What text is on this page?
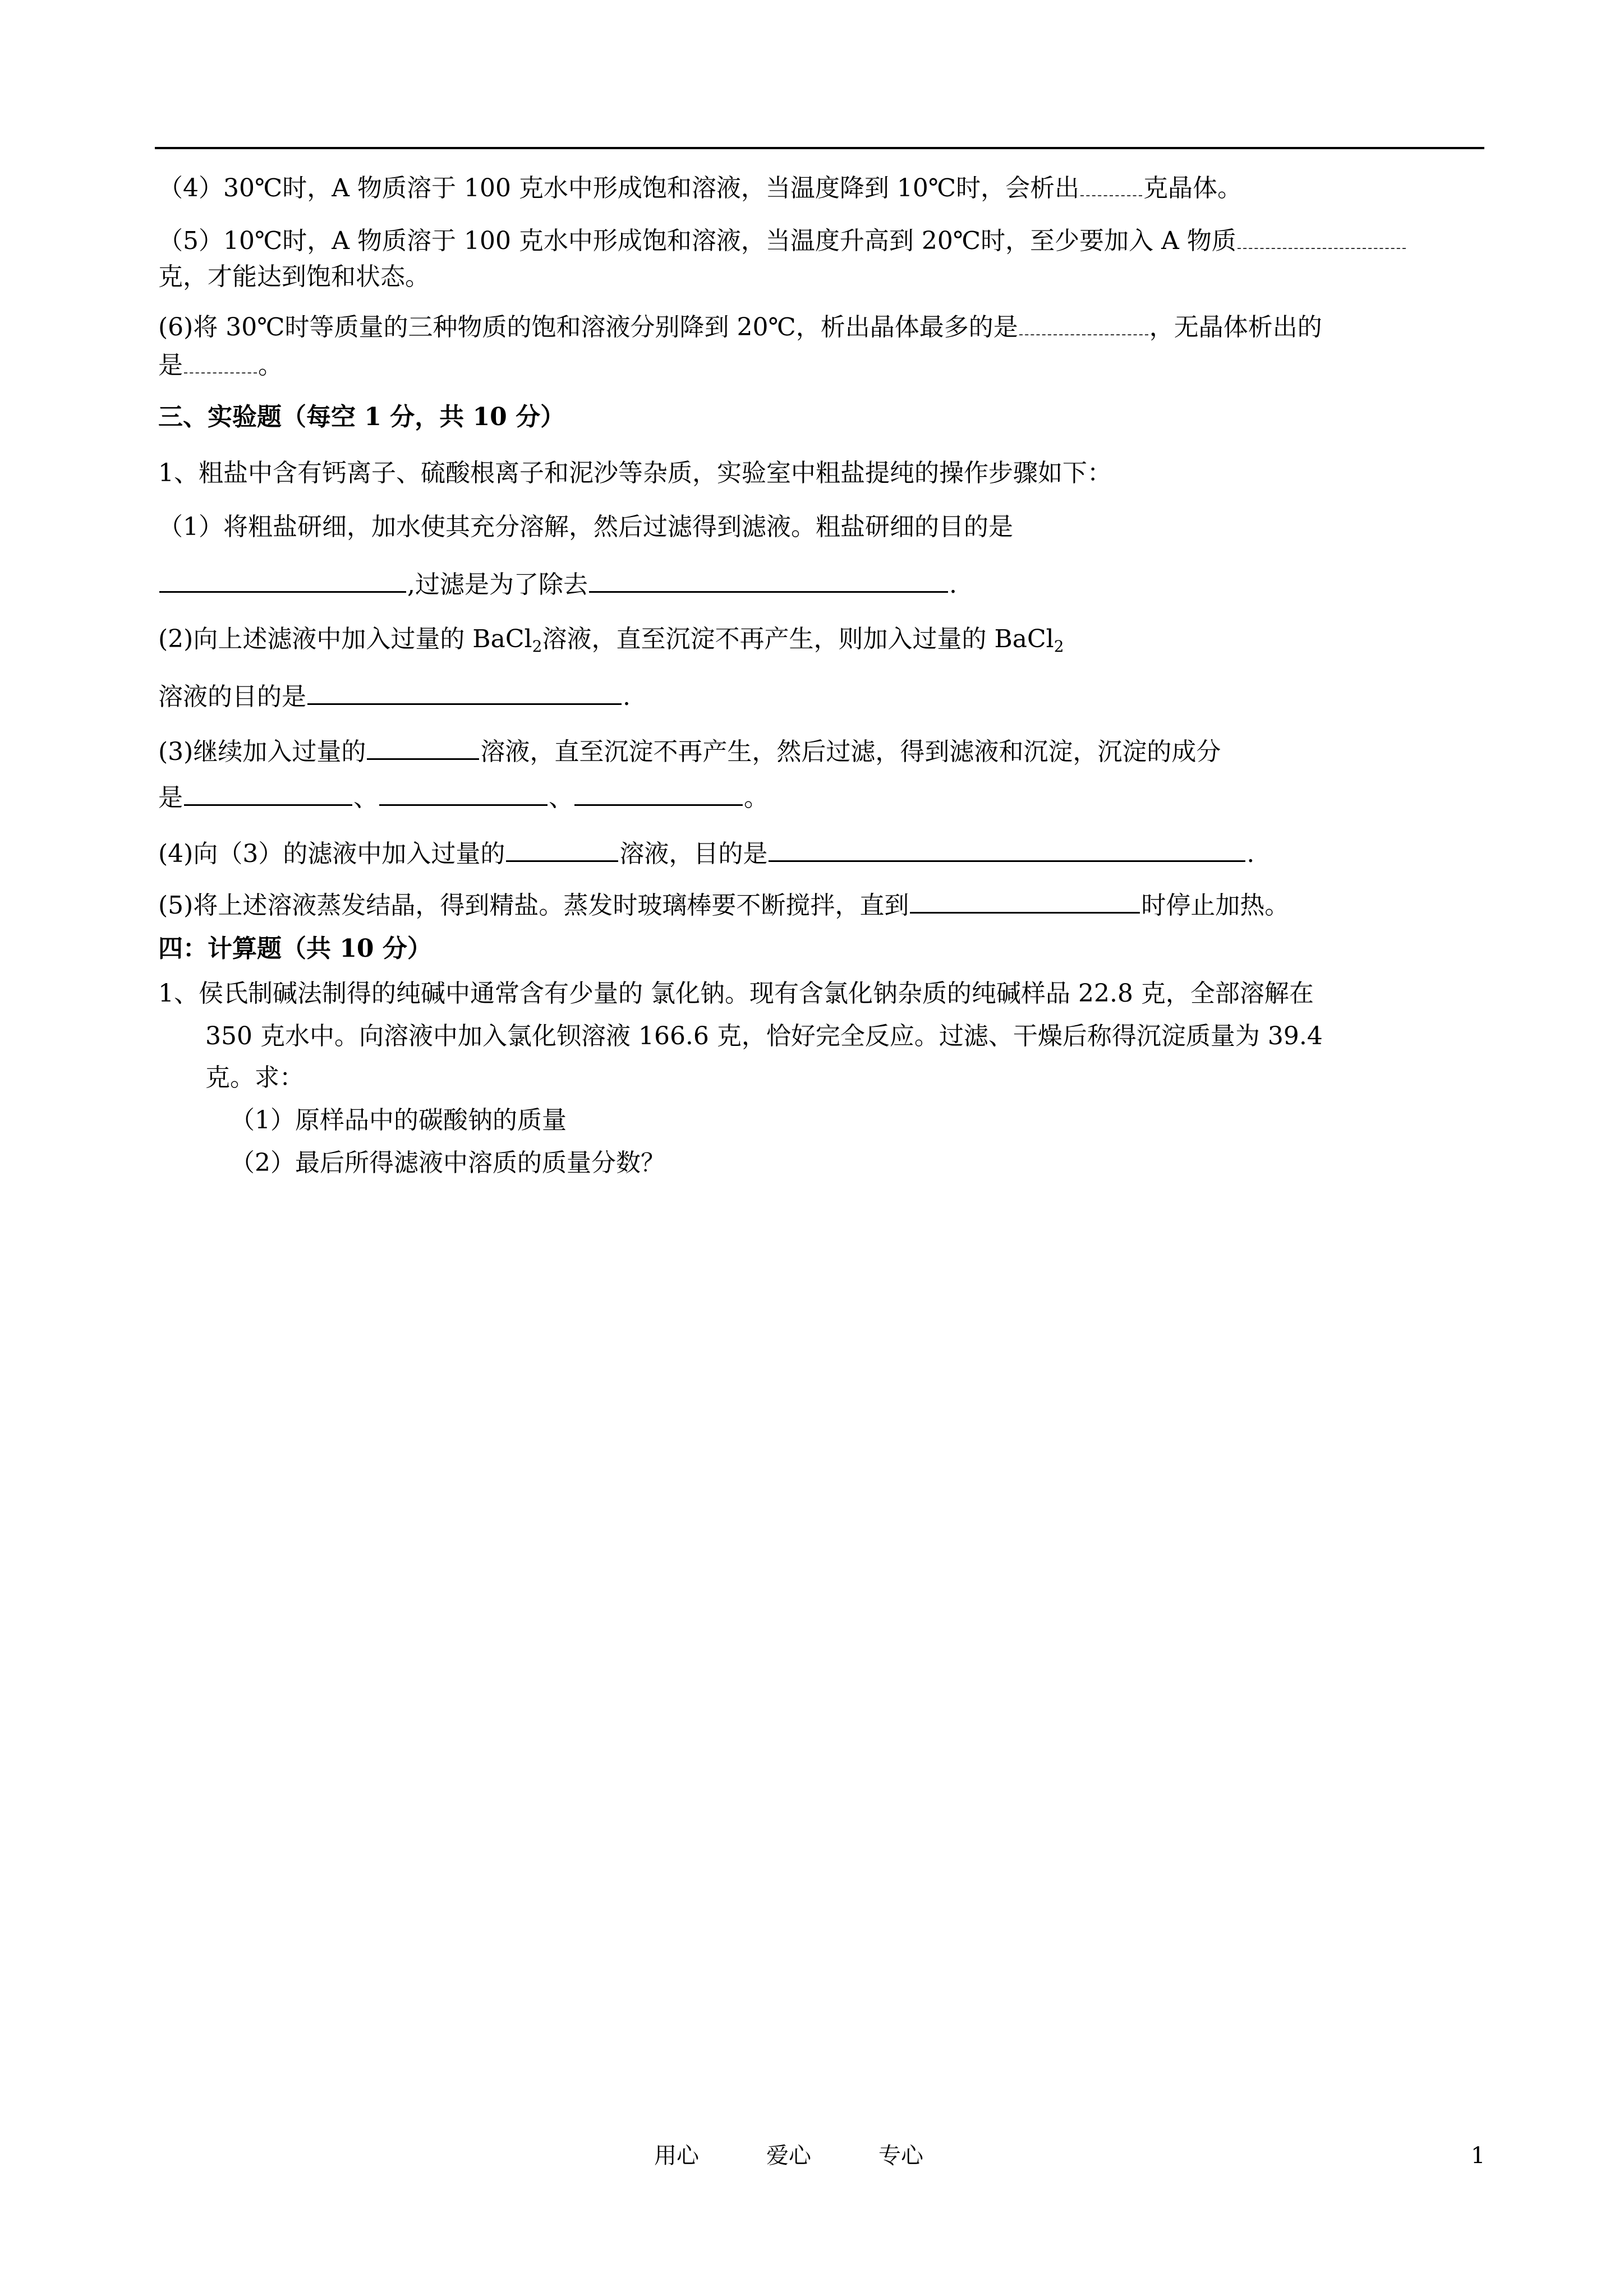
（4）30℃时，A 物质溶于 100 克水中形成饱和溶液，当温度降到 10℃时，会析出	克晶体。
（5）10℃时，A 物质溶于 100 克水中形成饱和溶液，当温度升高到 20℃时，至少要加入 A 物质
克，才能达到饱和状态。
(6)将 30℃时等质量的三种物质的饱和溶液分别降到 20℃，析出晶体最多的是	，无晶体析出的
是	。
三、实验题（每空 1 分，共 10 分）
1、粗盐中含有钙离子、硫酸根离子和泥沙等杂质，实验室中粗盐提纯的操作步骤如下：
（1）将粗盐研细，加水使其充分溶解，然后过滤得到滤液。粗盐研细的目的是
,过滤是为了除去	.
(2)向上述滤液中加入过量的 BaCl$_2$溶液，直至沉淀不再产生，则加入过量的 BaCl$_2$
溶液的目的是	.
(3)继续加入过量的	溶液，直至沉淀不再产生，然后过滤，得到滤液和沉淀，沉淀的成分
是	、	、	。
(4)向（3）的滤液中加入过量的	溶液，目的是	.
(5)将上述溶液蒸发结晶，得到精盐。蒸发时玻璃棒要不断搅拌，直到	时停止加热。
四：计算题（共 10 分）
1、侯氏制碱法制得的纯碱中通常含有少量的 氯化钠。现有含氯化钠杂质的纯碱样品 22.8 克，全部溶解在
350 克水中。向溶液中加入氯化钡溶液 166.6 克，恰好完全反应。过滤、干燥后称得沉淀质量为 39.4
克。求：
（1）原样品中的碳酸钠的质量
（2）最后所得滤液中溶质的质量分数？
用心	爱心	专心	1
